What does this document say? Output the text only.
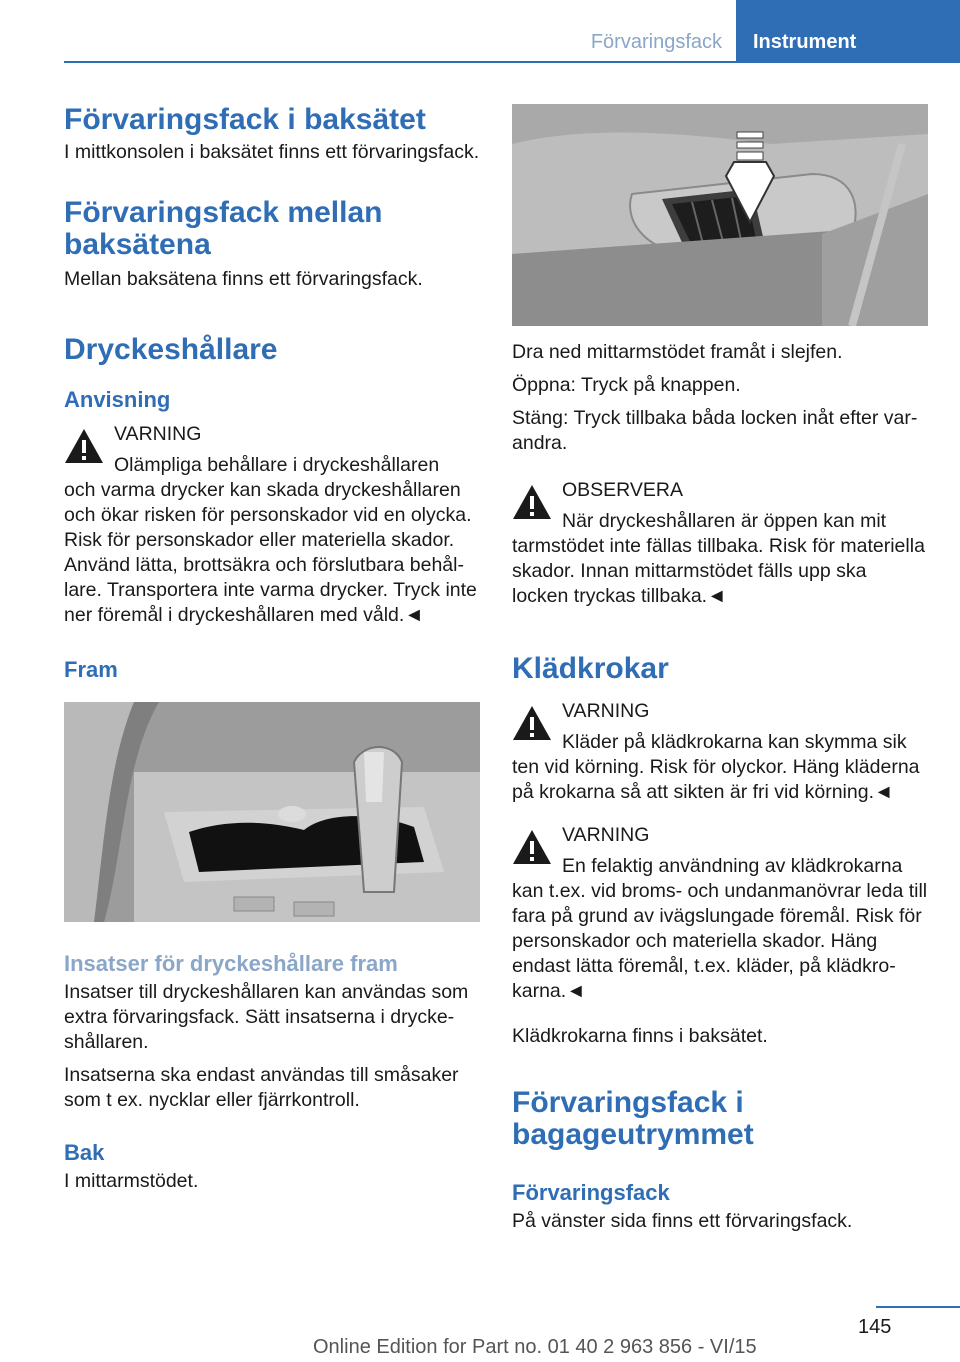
Förvaringsfack	Instrument
Förvaringsfack i baksätet

I mittkonsolen i baksätet finns ett förvaringsfack.

Förvaringsfack mellan baksätena

Mellan baksätena finns ett förvaringsfack.

Dryckeshållare
Anvisning
VARNING
Olämpliga behållare i dryckeshållaren
och varma drycker kan skada dryckeshållaren och ökar risken för personskador vid en olycka. Risk för personskador eller materiella skador. Använd lätta, brottsäkra och förslutbara behållare. Transportera inte varma drycker. Tryck inte ner föremål i dryckeshållaren med våld.◄
Fram
Insatser för dryckeshållare fram

Insatser till dryckeshållaren kan användas som extra förvaringsfack. Sätt insatserna i dryckeshållaren.

Insatserna ska endast användas till småsaker som t ex. nycklar eller fjärrkontroll.

Bak

I mittarmstödet.

Dra ned mittarmstödet framåt i slejfen.

Öppna: Tryck på knappen.

Stäng: Tryck tillbaka båda locken inåt efter varandra.

OBSERVERA
När dryckeshållaren är öppen kan mit
tarmstödet inte fällas tillbaka. Risk för materiella skador. Innan mittarmstödet fälls upp ska locken tryckas tillbaka.◄
Klädkrokar
VARNING
Kläder på klädkrokarna kan skymma sik
ten vid körning. Risk för olyckor. Häng kläderna på krokarna så att sikten är fri vid körning.◄
VARNING
En felaktig användning av klädkrokarna
kan t.ex. vid broms- och undanmanövrar leda till fara på grund av ivägslungade föremål. Risk för personskador och materiella skador. Häng endast lätta föremål, t.ex. kläder, på klädkrokarna.◄

Klädkrokarna finns i baksätet.

Förvaringsfack i bagageutrymmet
Förvaringsfack

På vänster sida finns ett förvaringsfack.

145
Online Edition for Part no. 01 40 2 963 856 - VI/15
